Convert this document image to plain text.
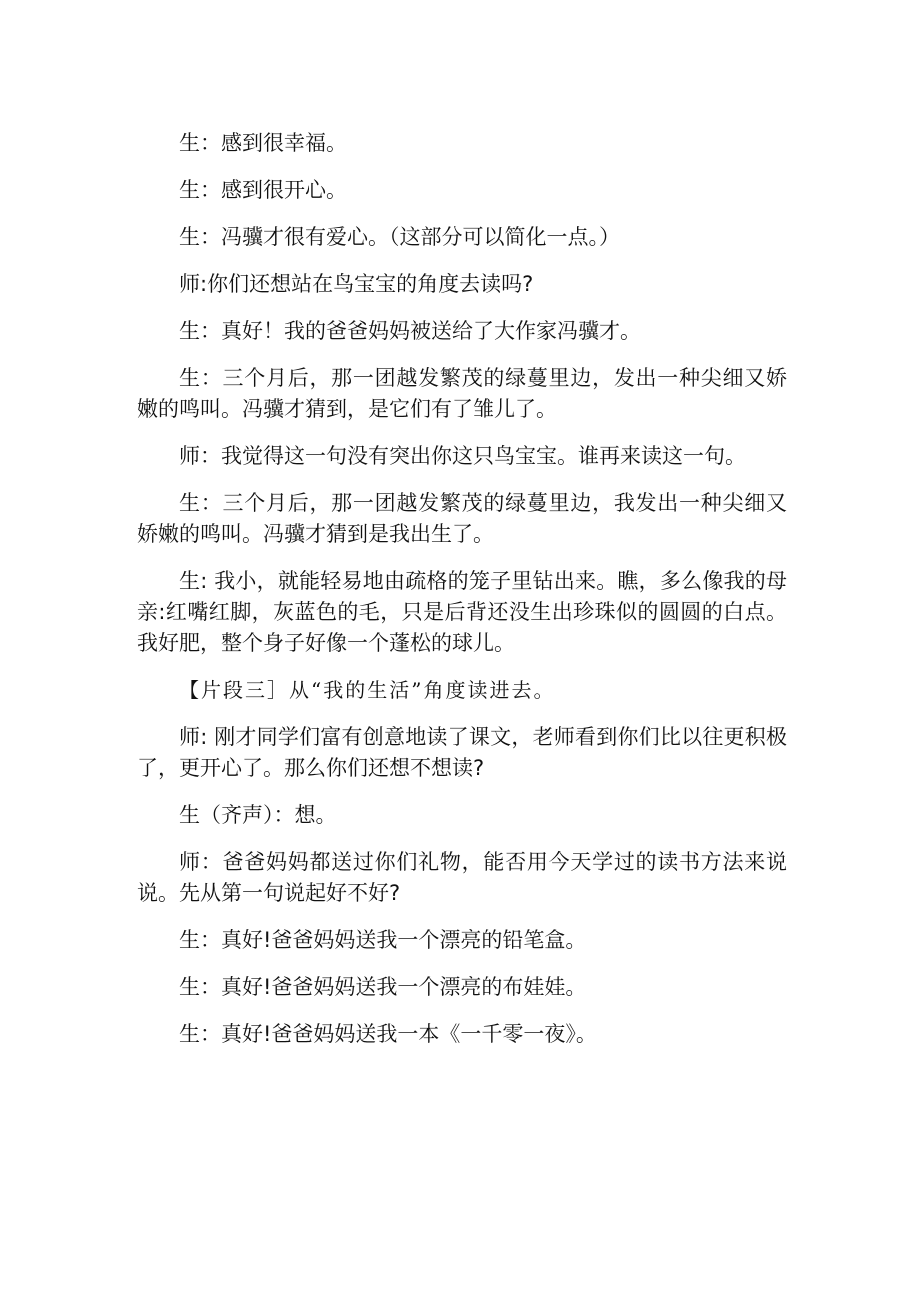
生：感到很幸福。

生：感到很开心。

生：冯骥才很有爱心。（这部分可以简化一点。）

师:你们还想站在鸟宝宝的角度去读吗?

生：真好！我的爸爸妈妈被送给了大作家冯骥才。

生：三个月后，那一团越发繁茂的绿蔓里边，发出一种尖细又娇嫩的鸣叫。冯骥才猜到，是它们有了雏儿了。

师：我觉得这一句没有突出你这只鸟宝宝。谁再来读这一句。

生：三个月后，那一团越发繁茂的绿蔓里边，我发出一种尖细又娇嫩的鸣叫。冯骥才猜到是我出生了。

生: 我小，就能轻易地由疏格的笼子里钻出来。瞧，多么像我的母亲:红嘴红脚，灰蓝色的毛，只是后背还没生出珍珠似的圆圆的白点。我好肥，整个身子好像一个蓬松的球儿。

【片段三］从“我的生活”角度读进去。

师: 刚才同学们富有创意地读了课文，老师看到你们比以往更积极了，更开心了。那么你们还想不想读?

生（齐声）：想。

师：爸爸妈妈都送过你们礼物，能否用今天学过的读书方法来说说。先从第一句说起好不好?

生：真好!爸爸妈妈送我一个漂亮的铅笔盒。

生：真好!爸爸妈妈送我一个漂亮的布娃娃。

生：真好!爸爸妈妈送我一本《一千零一夜》。
